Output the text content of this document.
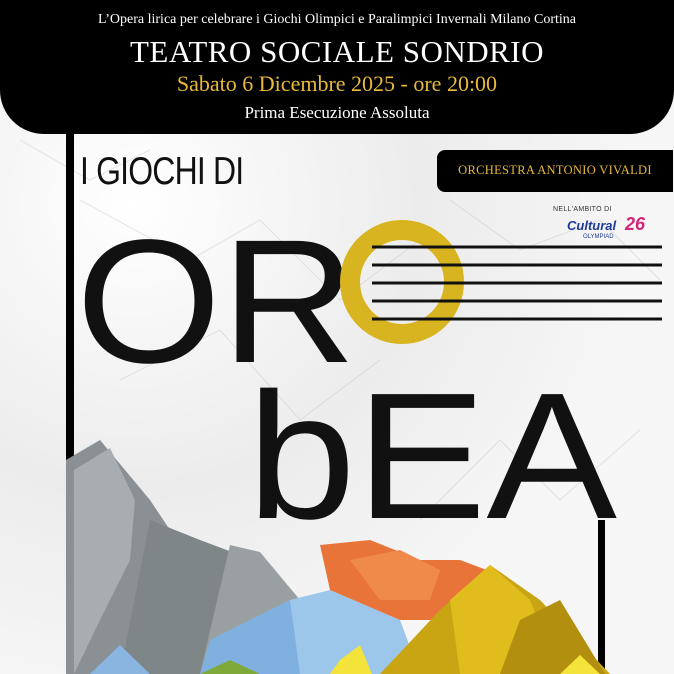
L’Opera lirica per celebrare i Giochi Olimpici e Paralimpici Invernali Milano Cortina
TEATRO SOCIALE SONDRIO
Sabato 6 Dicembre 2025 - ore 20:00
Prima Esecuzione Assoluta
I GIOCHI DI	ORCHESTRA ANTONIO VIVALDI
NELL'AMBITO DI
Cultural
OLYMPIAD
26
OR
bEA
